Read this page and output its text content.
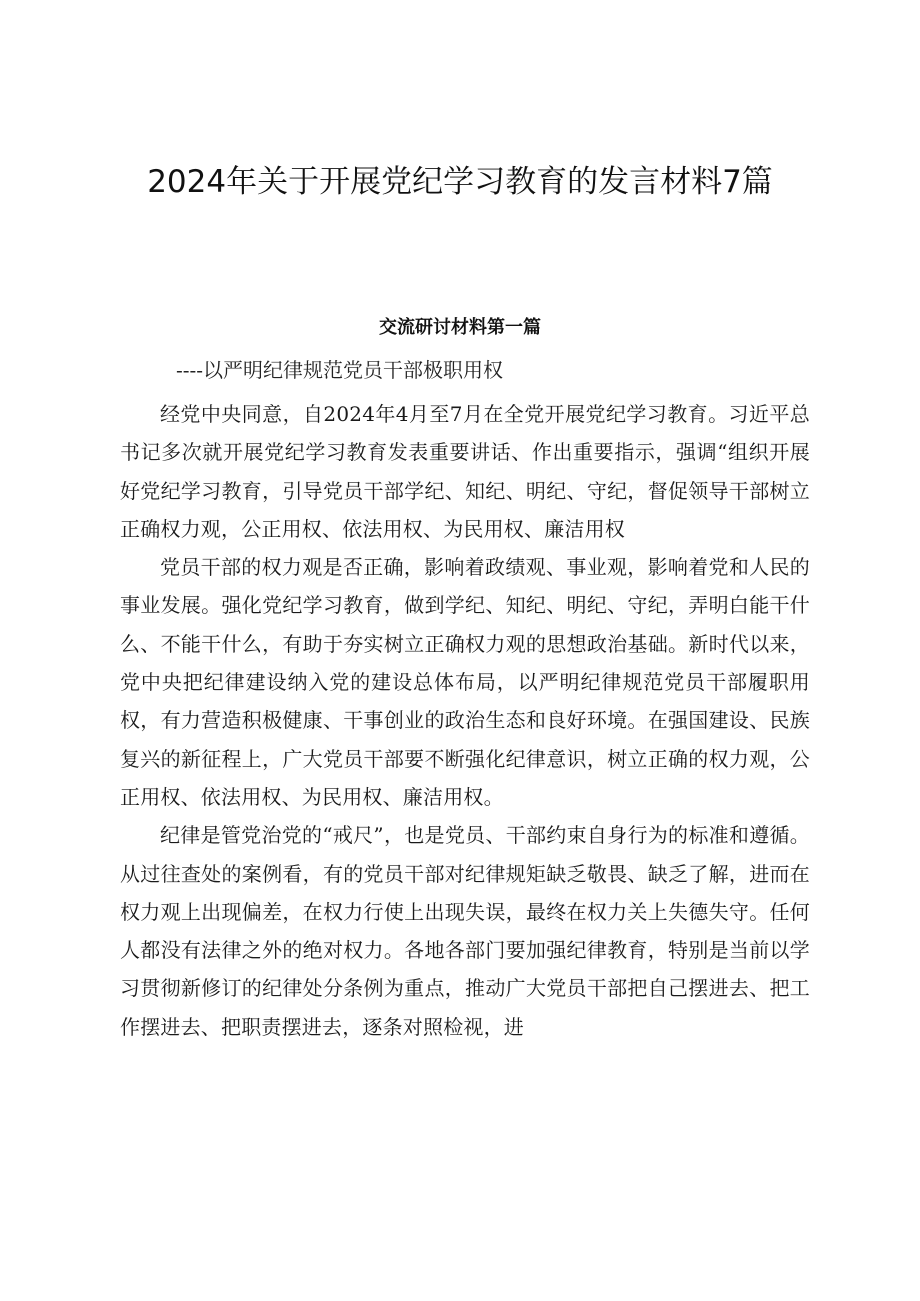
2024年关于开展党纪学习教育的发言材料7篇
交流研讨材料第一篇
----以严明纪律规范党员干部极职用权

经党中央同意，自2024年4月至7月在全党开展党纪学习教育。习近平总书记多次就开展党纪学习教育发表重要讲话、作出重要指示，强调“组织开展好党纪学习教育，引导党员干部学纪、知纪、明纪、守纪，督促领导干部树立正确权力观，公正用权、依法用权、为民用权、廉洁用权

党员干部的权力观是否正确，影响着政绩观、事业观，影响着党和人民的事业发展。强化党纪学习教育，做到学纪、知纪、明纪、守纪，弄明白能干什么、不能干什么，有助于夯实树立正确权力观的思想政治基础。新时代以来，党中央把纪律建设纳入党的建设总体布局，以严明纪律规范党员干部履职用权，有力营造积极健康、干事创业的政治生态和良好环境。在强国建设、民族复兴的新征程上，广大党员干部要不断强化纪律意识，树立正确的权力观，公正用权、依法用权、为民用权、廉洁用权。

纪律是管党治党的“戒尺”，也是党员、干部约束自身行为的标准和遵循。从过往查处的案例看，有的党员干部对纪律规矩缺乏敬畏、缺乏了解，进而在权力观上出现偏差，在权力行使上出现失误，最终在权力关上失德失守。任何人都没有法律之外的绝对权力。各地各部门要加强纪律教育，特别是当前以学习贯彻新修订的纪律处分条例为重点，推动广大党员干部把自己摆进去、把工作摆进去、把职责摆进去，逐条对照检视，进
